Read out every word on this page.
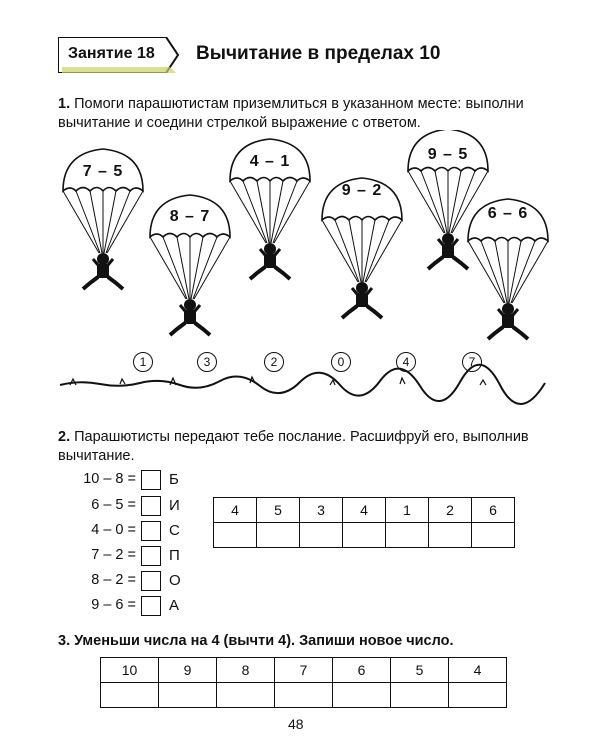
Занятие 18 Вычитание в пределах 10
1. Помоги парашютистам приземлиться в указанном месте: выполни вычитание и соедини стрелкой выражение с ответом.
7 – 5
8 – 7
4 – 1
9 – 2
9 – 5
6 – 6
1	3	2	0	4	7
2. Парашютисты передают тебе послание. Расшифруй его, выполнив вычитание.
10 – 8 = Б
6 – 5 = И
4 – 0 = С
7 – 2 = П
8 – 2 = О
9 – 6 = А
4	5	3	4	1	2	6

3. Уменьши числа на 4 (вычти 4). Запиши новое число.
10	9	8	7	6	5	4

48
